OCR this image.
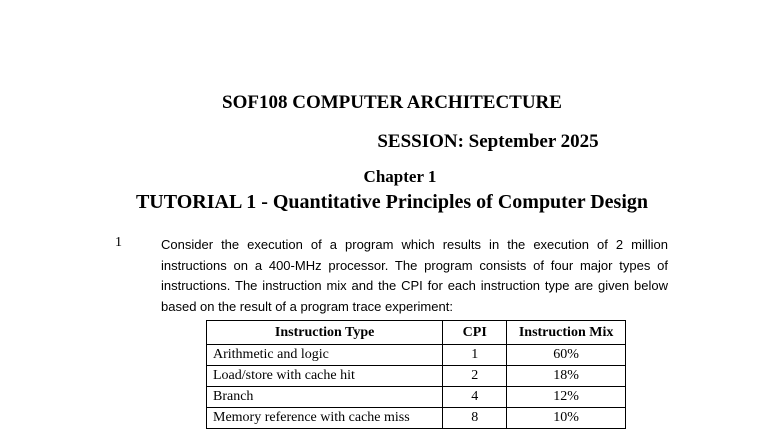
SOF108 COMPUTER ARCHITECTURE
SESSION: September 2025
Chapter 1
TUTORIAL 1 - Quantitative Principles of Computer Design
1	Consider the execution of a program which results in the execution of 2 million instructions on a 400-MHz processor. The program consists of four major types of instructions. The instruction mix and the CPI for each instruction type are given below based on the result of a program trace experiment:
Instruction Type	CPI	Instruction Mix
Arithmetic and logic	1	60%
Load/store with cache hit	2	18%
Branch	4	12%
Memory reference with cache miss	8	10%
